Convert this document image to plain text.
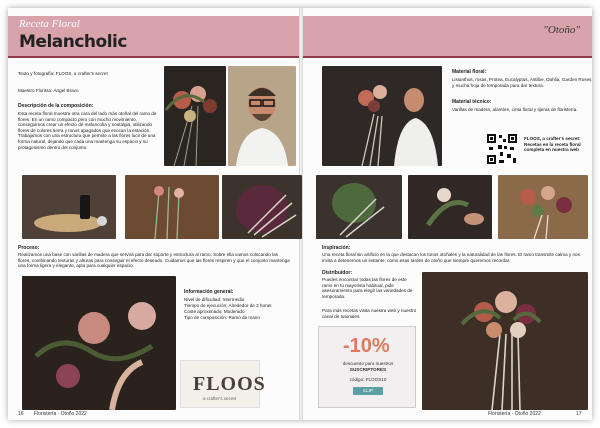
Receta Floral
Melancholic
"Otoño"
Texto y fotografía: FLOOS, a crafter's secret
Maestro Florista: Ángel Bravo
Descripción de la composición:
Esta receta floral muestra otra cara del lado más otoñal del ramo de flores. En un ramo compacto pero con mucho movimiento, conseguimos crear un efecto de melancolía y nostalgia, utilizando flores de colores tierra y tonos apagados que evocan la estación. Trabajamos con una estructura que permite a las flores lucir de una forma natural, dejando que cada una mantenga su espacio y su protagonismo dentro del conjunto.
Proceso:
Realizamos una base con varillas de madera que servirá para dar soporte y estructura al ramo. Sobre ella vamos colocando las flores, combinando texturas y alturas para conseguir el efecto deseado. Cuidamos que las flores respiren y que el conjunto mantenga una forma ligera y elegante, apta para cualquier espacio.
Información general:
Nivel de dificultad: Intermedio
Tiempo de ejecución: Alrededor de 2 horas
Coste aproximado: Moderado
Tipo de composición: Ramo de mano
FLOOS
a crafter's secret
16 Floristería · Otoño 2022
Material floral:
Lisianthus, rosas, Protea, Eucalyptus, Astilbe, Dahlia, Garden Roses y mucha hoja de temporada para dar textura.
Material técnico:
Varillas de madera, alambre, cinta floral y tijeras de floristería.
FLOOS, a crafter's secret: Recetas en la receta floral completa en nuestra web
Inspiración:
Una receta floral sin artificio en la que destacan los tonos otoñales y la naturalidad de las flores. El ramo transmite calma y nos invita a detenernos un instante, como esas tardes de otoño que siempre queremos recordar.
Distribuidor:
Puedes encontrar todas las flores de este ramo en tu mayorista habitual, pide asesoramiento para elegir las variedades de temporada.
Para más recetas visita nuestra web y nuestro canal de tutoriales.
-10%
descuento para nuestros
SUSCRIPTORES
código: FLOOS10
CLIP
Floristería · Otoño 2022	17
